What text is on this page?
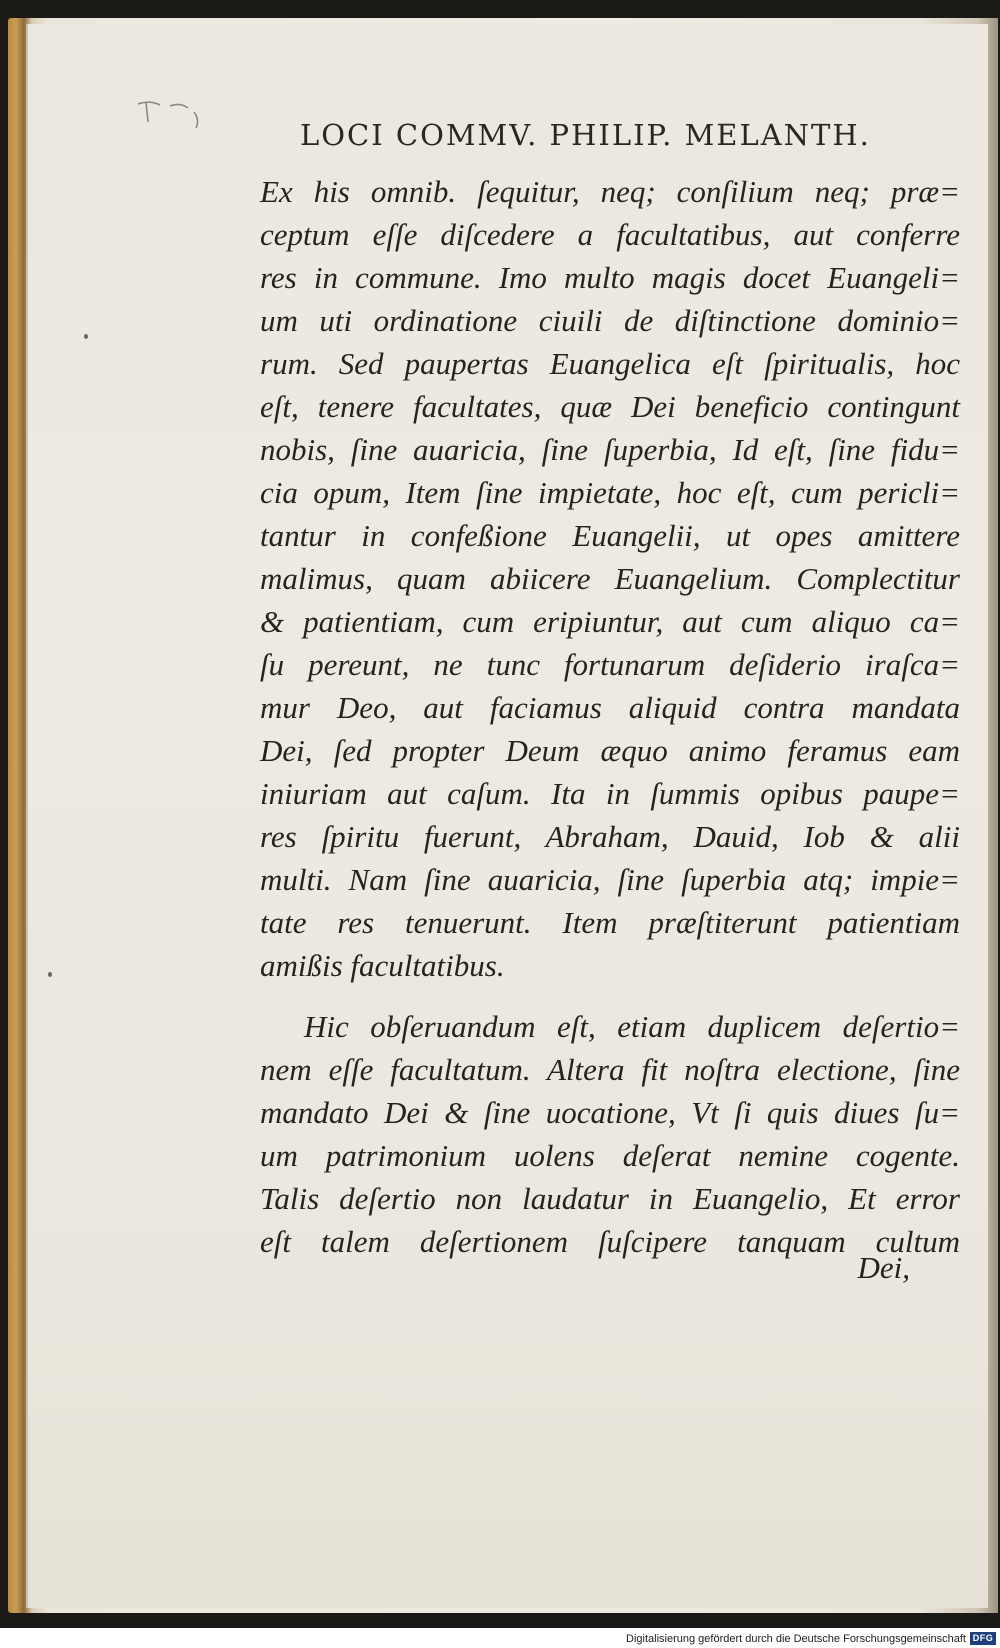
LOCI COMMV. PHILIP. MELANTH.
Ex his omnib. ſequitur, neq; conſilium neq; præ=
ceptum eſſe diſcedere a facultatibus, aut conferre
res in commune. Imo multo magis docet Euangeli=
um uti ordinatione ciuili de diſtinctione dominio=
rum. Sed paupertas Euangelica eſt ſpiritualis, hoc
eſt, tenere facultates, quæ Dei beneficio contingunt
nobis, ſine auaricia, ſine ſuperbia, Id eſt, ſine fidu=
cia opum, Item ſine impietate, hoc eſt, cum pericli=
tantur in confeßione Euangelii, ut opes amittere
malimus, quam abiicere Euangelium. Complectitur
& patientiam, cum eripiuntur, aut cum aliquo ca=
ſu pereunt, ne tunc fortunarum deſiderio iraſca=
mur Deo, aut faciamus aliquid contra mandata
Dei, ſed propter Deum æquo animo feramus eam
iniuriam aut caſum. Ita in ſummis opibus paupe=
res ſpiritu fuerunt, Abraham, Dauid, Iob & alii
multi. Nam ſine auaricia, ſine ſuperbia atq; impie=
tate res tenuerunt. Item præſtiterunt patientiam
amißis facultatibus.
Hic obſeruandum eſt, etiam duplicem deſertio=
nem eſſe facultatum. Altera fit noſtra electione, ſine
mandato Dei & ſine uocatione, Vt ſi quis diues ſu=
um patrimonium uolens deſerat nemine cogente.
Talis deſertio non laudatur in Euangelio, Et error
eſt talem deſertionem ſuſcipere tanquam cultum
Dei,
Digitalisierung gefördert durch die Deutsche Forschungsgemeinschaft DFG
